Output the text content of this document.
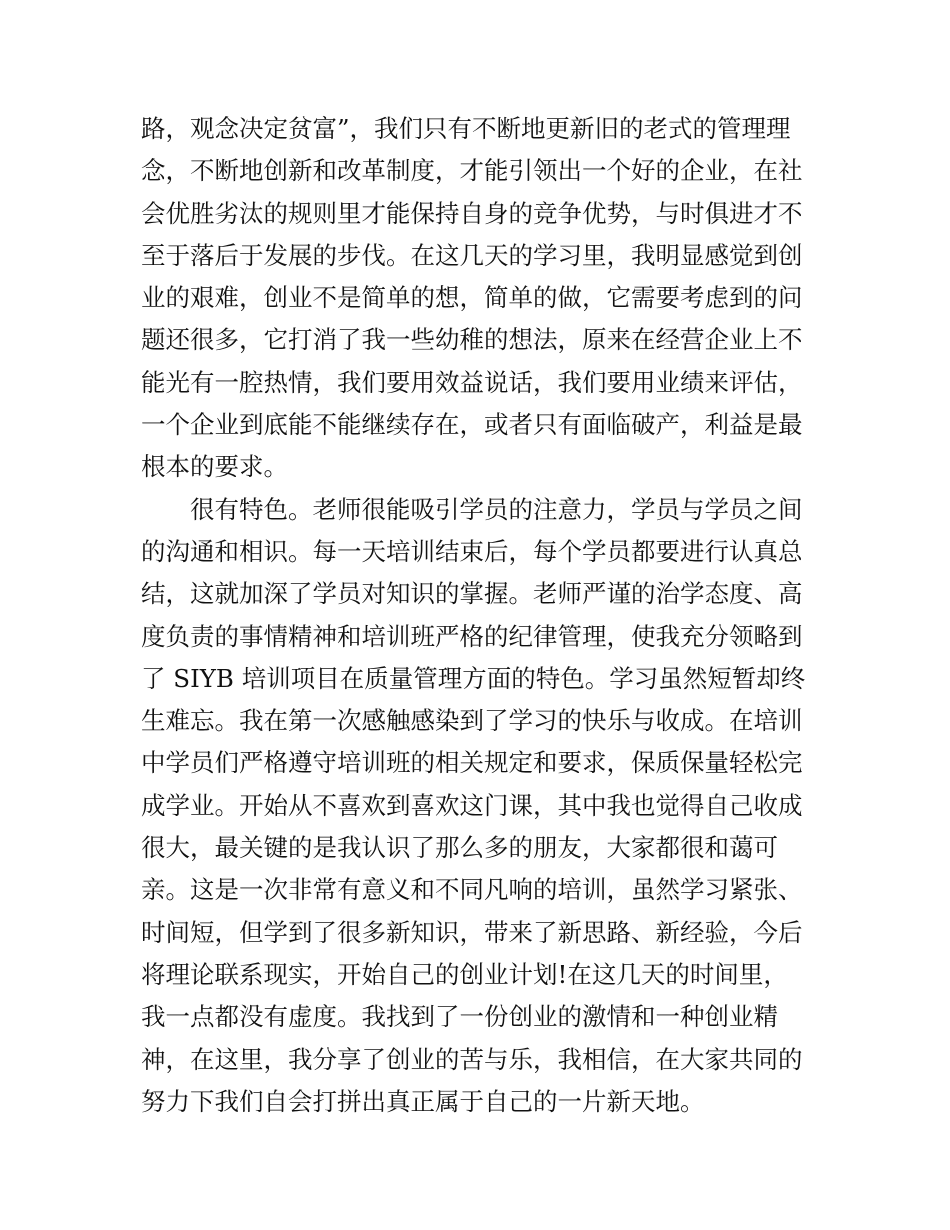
路，观念决定贫富”，我们只有不断地更新旧的老式的管理理
念，不断地创新和改革制度，才能引领出一个好的企业，在社
会优胜劣汰的规则里才能保持自身的竞争优势，与时俱进才不
至于落后于发展的步伐。在这几天的学习里，我明显感觉到创
业的艰难，创业不是简单的想，简单的做，它需要考虑到的问
题还很多，它打消了我一些幼稚的想法，原来在经营企业上不
能光有一腔热情，我们要用效益说话，我们要用业绩来评估，
一个企业到底能不能继续存在，或者只有面临破产，利益是最
根本的要求。
　　很有特色。老师很能吸引学员的注意力，学员与学员之间
的沟通和相识。每一天培训结束后，每个学员都要进行认真总
结，这就加深了学员对知识的掌握。老师严谨的治学态度、高
度负责的事情精神和培训班严格的纪律管理，使我充分领略到
了 SIYB 培训项目在质量管理方面的特色。学习虽然短暂却终
生难忘。我在第一次感触感染到了学习的快乐与收成。在培训
中学员们严格遵守培训班的相关规定和要求，保质保量轻松完
成学业。开始从不喜欢到喜欢这门课，其中我也觉得自己收成
很大，最关键的是我认识了那么多的朋友，大家都很和蔼可
亲。这是一次非常有意义和不同凡响的培训，虽然学习紧张、
时间短，但学到了很多新知识，带来了新思路、新经验，今后
将理论联系现实，开始自己的创业计划!在这几天的时间里，
我一点都没有虚度。我找到了一份创业的激情和一种创业精
神，在这里，我分享了创业的苦与乐，我相信，在大家共同的
努力下我们自会打拼出真正属于自己的一片新天地。
